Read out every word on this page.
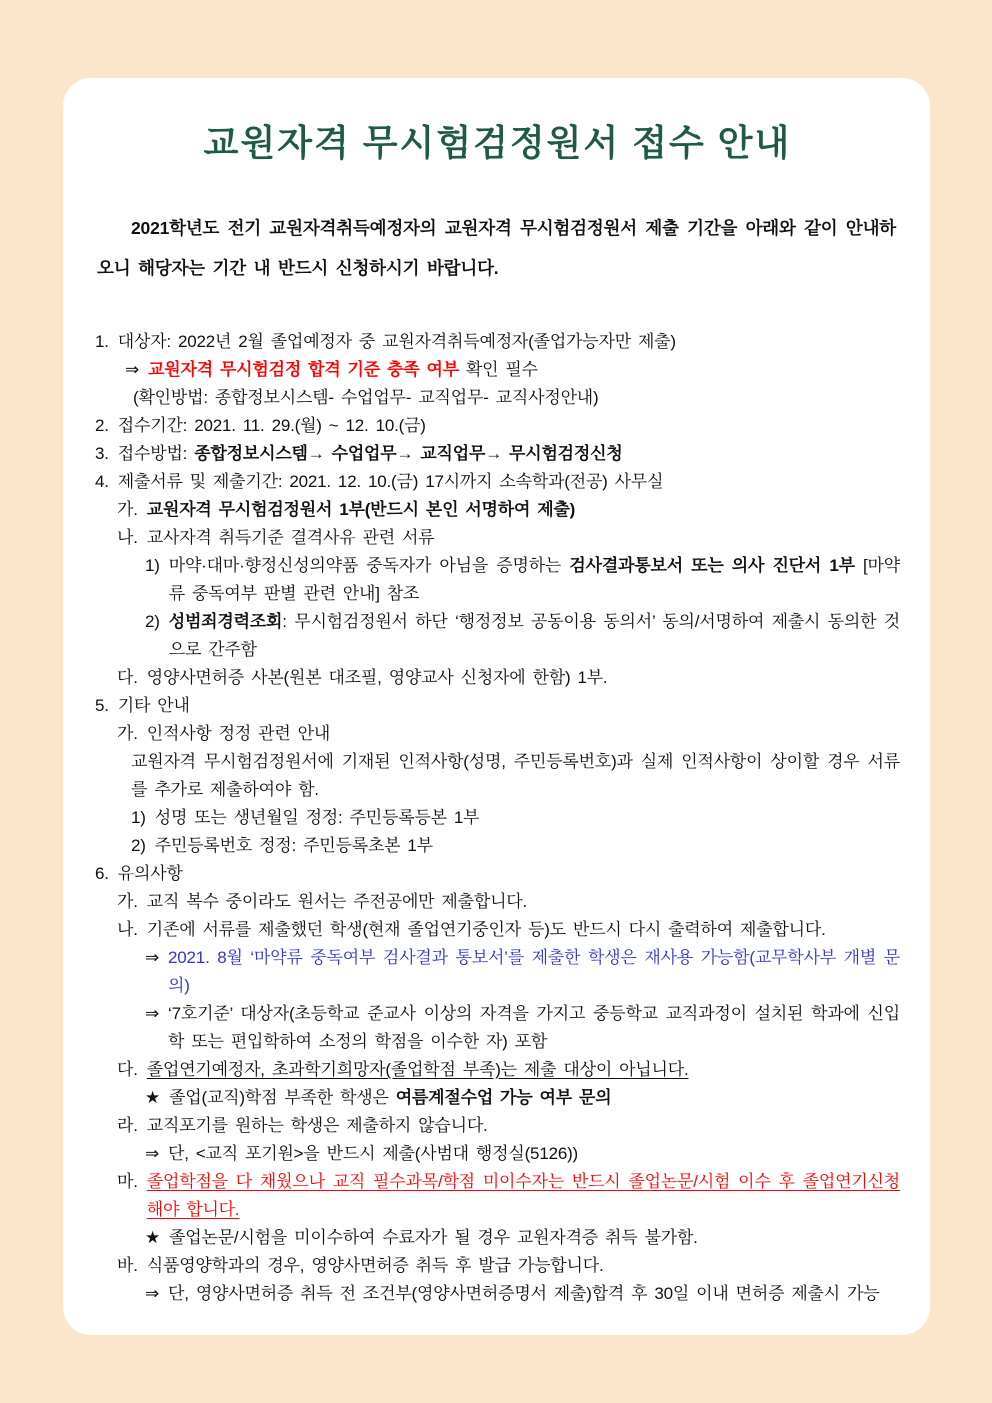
교원자격 무시험검정원서 접수 안내

2021학년도 전기 교원자격취득예정자의 교원자격 무시험검정원서 제출 기간을 아래와 같이 안내하오니 해당자는 기간 내 반드시 신청하시기 바랍니다.

1. 대상자: 2022년 2월 졸업예정자 중 교원자격취득예정자(졸업가능자만 제출)
⇒ 교원자격 무시험검정 합격 기준 충족 여부 확인 필수
(확인방법: 종합정보시스템- 수업업무- 교직업무- 교직사정안내)
2. 접수기간: 2021. 11. 29.(월) ~ 12. 10.(금)
3. 접수방법: 종합정보시스템→ 수업업무→ 교직업무→ 무시험검정신청
4. 제출서류 및 제출기간: 2021. 12. 10.(금) 17시까지 소속학과(전공) 사무실
가. 교원자격 무시험검정원서 1부(반드시 본인 서명하여 제출)
나. 교사자격 취득기준 결격사유 관련 서류
1) 마약·대마·향정신성의약품 중독자가 아님을 증명하는 검사결과통보서 또는 의사 진단서 1부 [마약류 중독여부 판별 관련 안내] 참조
2) 성범죄경력조회: 무시험검정원서 하단 ‘행정정보 공동이용 동의서’ 동의/서명하여 제출시 동의한 것으로 간주함
다. 영양사면허증 사본(원본 대조필, 영양교사 신청자에 한함) 1부.
5. 기타 안내
가. 인적사항 정정 관련 안내
교원자격 무시험검정원서에 기재된 인적사항(성명, 주민등록번호)과 실제 인적사항이 상이할 경우 서류를 추가로 제출하여야 함.
1) 성명 또는 생년월일 정정: 주민등록등본 1부
2) 주민등록번호 정정: 주민등록초본 1부
6. 유의사항
가. 교직 복수 중이라도 원서는 주전공에만 제출합니다.
나. 기존에 서류를 제출했던 학생(현재 졸업연기중인자 등)도 반드시 다시 출력하여 제출합니다.
⇒ 2021. 8월 ‘마약류 중독여부 검사결과 통보서’를 제출한 학생은 재사용 가능함(교무학사부 개별 문의)
⇒ ‘7호기준’ 대상자(초등학교 준교사 이상의 자격을 가지고 중등학교 교직과정이 설치된 학과에 신입학 또는 편입학하여 소정의 학점을 이수한 자) 포함
다. 졸업연기예정자, 초과학기희망자(졸업학점 부족)는 제출 대상이 아닙니다.
★ 졸업(교직)학점 부족한 학생은 여름계절수업 가능 여부 문의
라. 교직포기를 원하는 학생은 제출하지 않습니다.
⇒ 단, <교직 포기원>을 반드시 제출(사범대 행정실(5126))
마. 졸업학점을 다 채웠으나 교직 필수과목/학점 미이수자는 반드시 졸업논문/시험 이수 후 졸업연기신청 해야 합니다.
★ 졸업논문/시험을 미이수하여 수료자가 될 경우 교원자격증 취득 불가함.
바. 식품영양학과의 경우, 영양사면허증 취득 후 발급 가능합니다.
⇒ 단, 영양사면허증 취득 전 조건부(영양사면허증명서 제출)합격 후 30일 이내 면허증 제출시 가능
